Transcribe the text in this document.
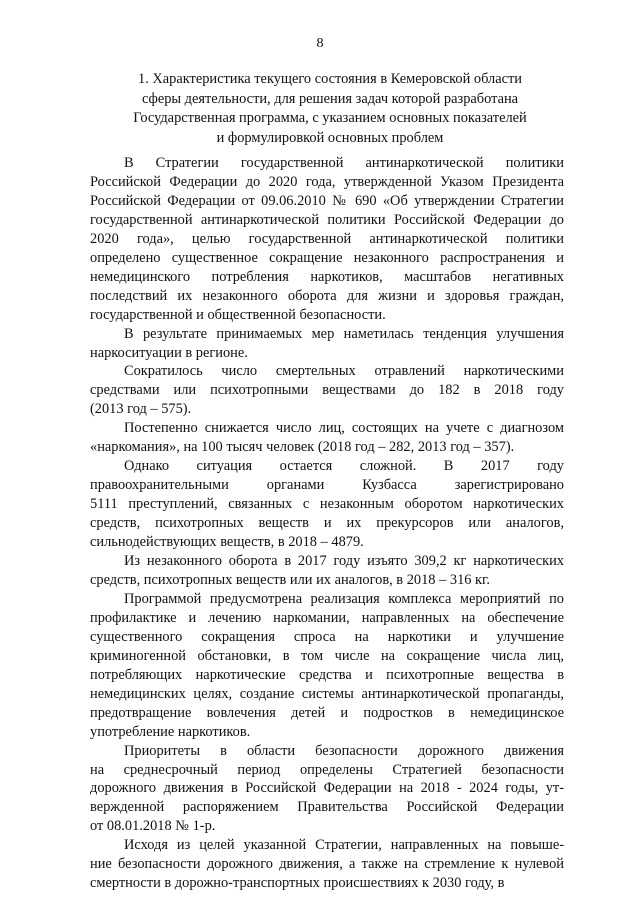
8
1. Характеристика текущего состояния в Кемеровской области
сферы деятельности, для решения задач которой разработана
Государственная программа, с указанием основных показателей
и формулировкой основных проблем
В Стратегии государственной антинаркотической политики
Российской Федерации до 2020 года, утвержденной Указом Президента
Российской Федерации от 09.06.2010 № 690 «Об утверждении Стратегии
государственной антинаркотической политики Российской Федерации до
2020 года», целью государственной антинаркотической политики
определено существенное сокращение незаконного распространения и
немедицинского потребления наркотиков, масштабов негативных
последствий их незаконного оборота для жизни и здоровья граждан,
государственной и общественной безопасности.
В результате принимаемых мер наметилась тенденция улучшения
наркоситуации в регионе.
Сократилось число смертельных отравлений наркотическими
средствами или психотропными веществами до 182 в 2018 году
(2013 год – 575).
Постепенно снижается число лиц, состоящих на учете с диагнозом
«наркомания», на 100 тысяч человек (2018 год – 282, 2013 год – 357).
Однако ситуация остается сложной. В 2017 году
правоохранительными органами Кузбасса зарегистрировано
5111 преступлений, связанных с незаконным оборотом наркотических
средств, психотропных веществ и их прекурсоров или аналогов,
сильнодействующих веществ, в 2018 – 4879.
Из незаконного оборота в 2017 году изъято 309,2 кг наркотических
средств, психотропных веществ или их аналогов, в 2018 – 316 кг.
Программой предусмотрена реализация комплекса мероприятий по
профилактике и лечению наркомании, направленных на обеспечение
существенного сокращения спроса на наркотики и улучшение
криминогенной обстановки, в том числе на сокращение числа лиц,
потребляющих наркотические средства и психотропные вещества в
немедицинских целях, создание системы антинаркотической пропаганды,
предотвращение вовлечения детей и подростков в немедицинское
употребление наркотиков.
Приоритеты в области безопасности дорожного движения
на среднесрочный период определены Стратегией безопасности
дорожного движения в Российской Федерации на 2018 - 2024 годы, ут-
вержденной распоряжением Правительства Российской Федерации
от 08.01.2018 № 1-р.
Исходя из целей указанной Стратегии, направленных на повыше-
ние безопасности дорожного движения, а также на стремление к нулевой
смертности в дорожно-транспортных происшествиях к 2030 году, в
